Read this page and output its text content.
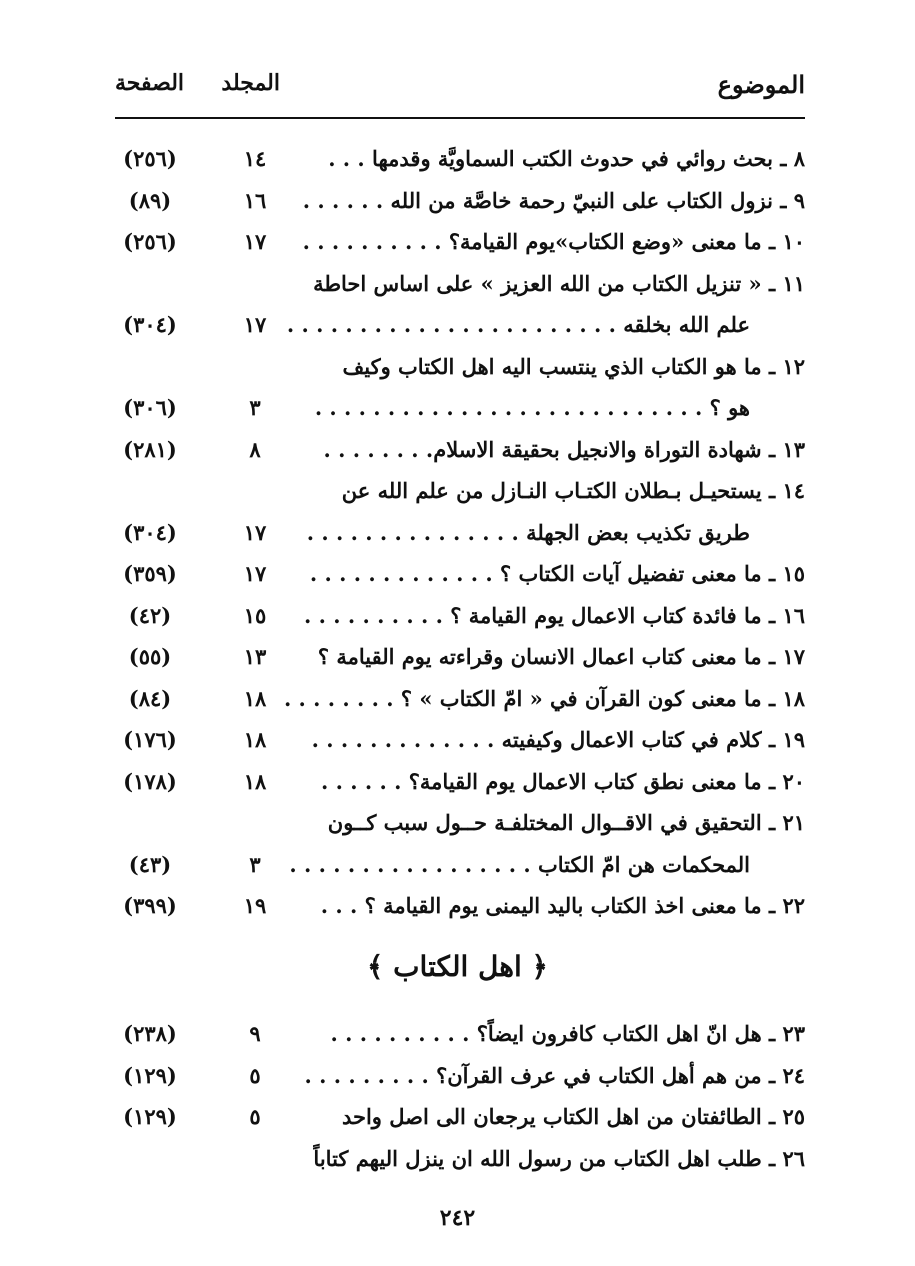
الموضوع
المجلد
الصفحة
٨ ـ بحث روائي في حدوث الكتب السماويَّة وقدمها . . .
١٤
(٢٥٦)
٩ ـ نزول الكتاب على النبيّ رحمة خاصَّة من الله . . . . . .
١٦
(٨٩)
١٠ ـ ما معنى «وضع الكتاب»يوم القيامة؟ . . . . . . . . . .
١٧
(٢٥٦)
١١ ـ « تنزيل الكتاب من الله العزيز » على اساس احاطة
علم الله بخلقه . . . . . . . . . . . . . . . . . . . . . . .
١٧
(٣٠٤)
١٢ ـ ما هو الكتاب الذي ينتسب اليه اهل الكتاب وكيف
هو ؟ . . . . . . . . . . . . . . . . . . . . . . . . . . .
٣
(٣٠٦)
١٣ ـ شهادة التوراة والانجيل بحقيقة الاسلام. . . . . . . .
٨
(٢٨١)
١٤ ـ يستحيـل بـطلان الكتـاب النـازل من علم الله عن
طريق تكذيب بعض الجهلة . . . . . . . . . . . . . . .
١٧
(٣٠٤)
١٥ ـ ما معنى تفضيل آيات الكتاب ؟ . . . . . . . . . . . . .
١٧
(٣٥٩)
١٦ ـ ما فائدة كتاب الاعمال يوم القيامة ؟ . . . . . . . . . .
١٥
(٤٢)
١٧ ـ ما معنى كتاب اعمال الانسان وقراءته يوم القيامة ؟
١٣
(٥٥)
١٨ ـ ما معنى كون القرآن في « امّ الكتاب » ؟ . . . . . . . .
١٨
(٨٤)
١٩ ـ كلام في كتاب الاعمال وكيفيته . . . . . . . . . . . . .
١٨
(١٧٦)
٢٠ ـ ما معنى نطق كتاب الاعمال يوم القيامة؟ . . . . . .
١٨
(١٧٨)
٢١ ـ التحقيق في الاقــوال المختلفـة حــول سبب كــون
المحكمات هن امّ الكتاب . . . . . . . . . . . . . . . . .
٣
(٤٣)
٢٢ ـ ما معنى اخذ الكتاب باليد اليمنى يوم القيامة ؟ . . .
١٩
(٣٩٩)
﴿ اهل الكتاب ﴾
٢٣ ـ هل انّ اهل الكتاب كافرون ايضاً؟ . . . . . . . . . .
٩
(٢٣٨)
٢٤ ـ من هم أهل الكتاب في عرف القرآن؟ . . . . . . . . .
٥
(١٢٩)
٢٥ ـ الطائفتان من اهل الكتاب يرجعان الى اصل واحد
٥
(١٢٩)
٢٦ ـ طلب اهل الكتاب من رسول الله ان ينزل اليهم كتاباً
٢٤٢
